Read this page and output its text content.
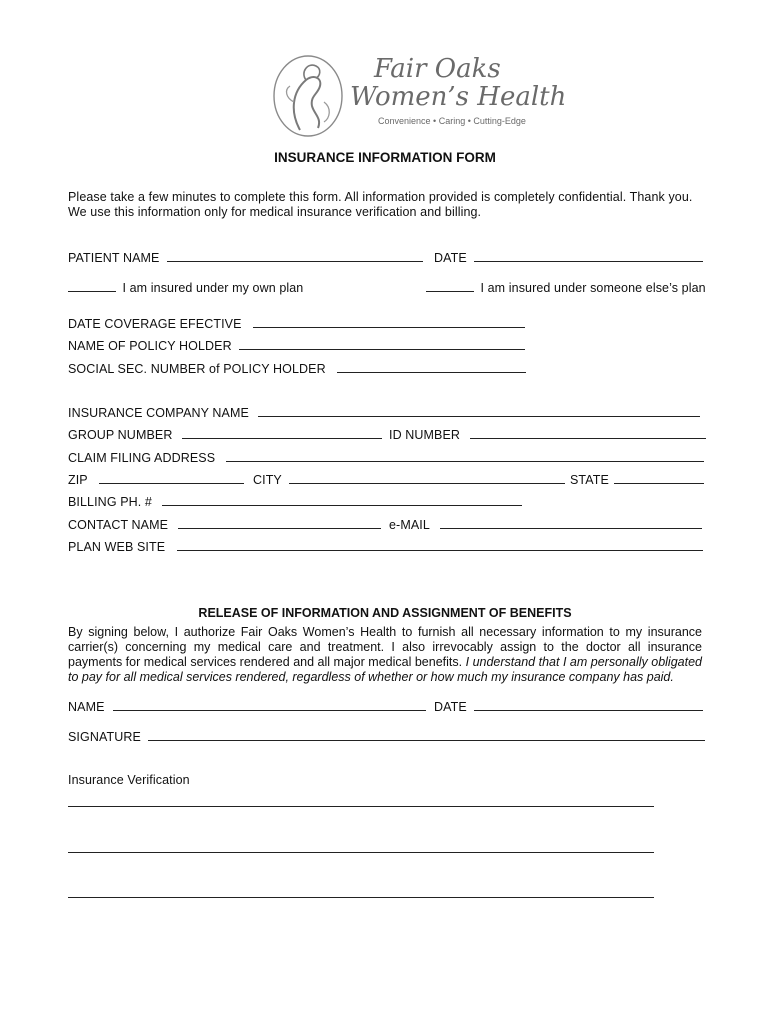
Fair Oaks
Women’s Health
Convenience • Caring • Cutting-Edge
INSURANCE INFORMATION FORM
Please take a few minutes to complete this form. All information provided is completely confidential. Thank you.
We use this information only for medical insurance verification and billing.
PATIENT NAME	DATE
I am insured under my own plan	I am insured under someone else’s plan
DATE COVERAGE EFECTIVE
NAME OF POLICY HOLDER
SOCIAL SEC. NUMBER of POLICY HOLDER
INSURANCE COMPANY NAME
GROUP NUMBER	ID NUMBER
CLAIM FILING ADDRESS
ZIP	CITY	STATE
BILLING PH. #
CONTACT NAME	e-MAIL
PLAN WEB SITE
RELEASE OF INFORMATION AND ASSIGNMENT OF BENEFITS
By signing below, I authorize Fair Oaks Women’s Health to furnish all necessary information to my insurance carrier(s) concerning my medical care and treatment. I also irrevocably assign to the doctor all insurance payments for medical services rendered and all major medical benefits. I understand that I am personally obligated to pay for all medical services rendered, regardless of whether or how much my insurance company has paid.
NAME	DATE
SIGNATURE
Insurance Verification
